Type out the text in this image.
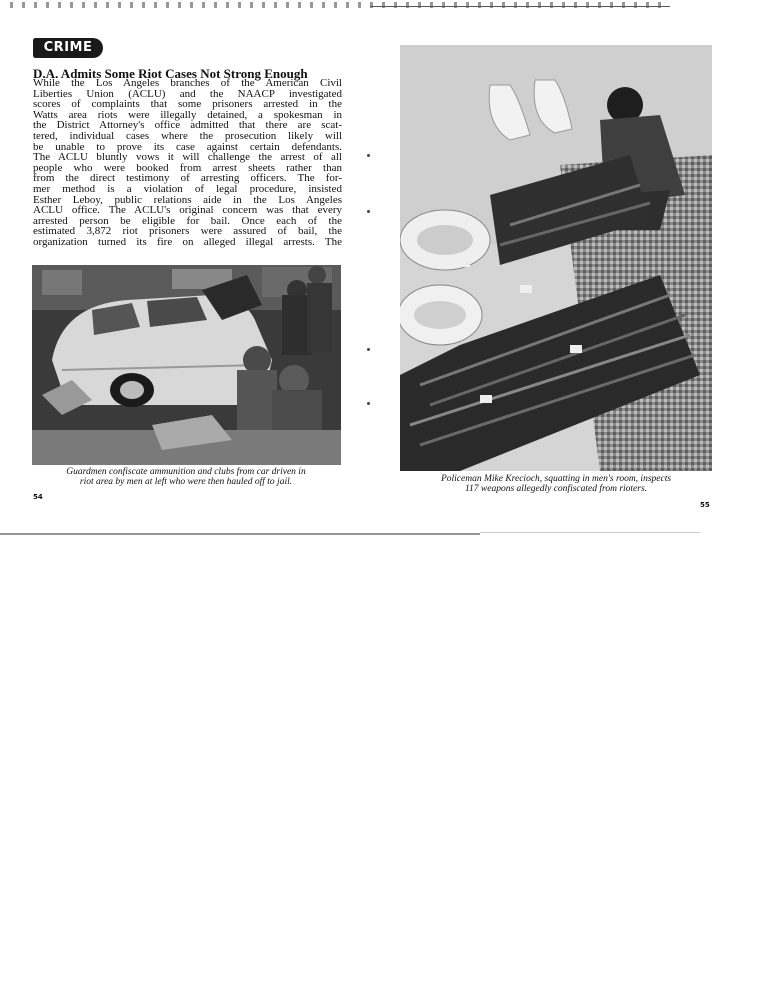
CRIME
D.A. Admits Some Riot Cases Not Strong Enough
While the Los Angeles branches of the American Civil
Liberties Union (ACLU) and the NAACP investigated
scores of complaints that some prisoners arrested in the
Watts area riots were illegally detained, a spokesman in
the District Attorney's office admitted that there are scat-
tered, individual cases where the prosecution likely will
be unable to prove its case against certain defendants.
The ACLU bluntly vows it will challenge the arrest of all
people who were booked from arrest sheets rather than
from the direct testimony of arresting officers. The for-
mer method is a violation of legal procedure, insisted
Esther Leboy, public relations aide in the Los Angeles
ACLU office. The ACLU's original concern was that every
arrested person be eligible for bail. Once each of the
estimated 3,872 riot prisoners were assured of bail, the
organization turned its fire on alleged illegal arrests. The
Guardmen confiscate ammunition and clubs from car driven in
riot area by men at left who were then hauled off to jail.
54
Policeman Mike Krecioch, squatting in men's room, inspects
117 weapons allegedly confiscated from rioters.
55
